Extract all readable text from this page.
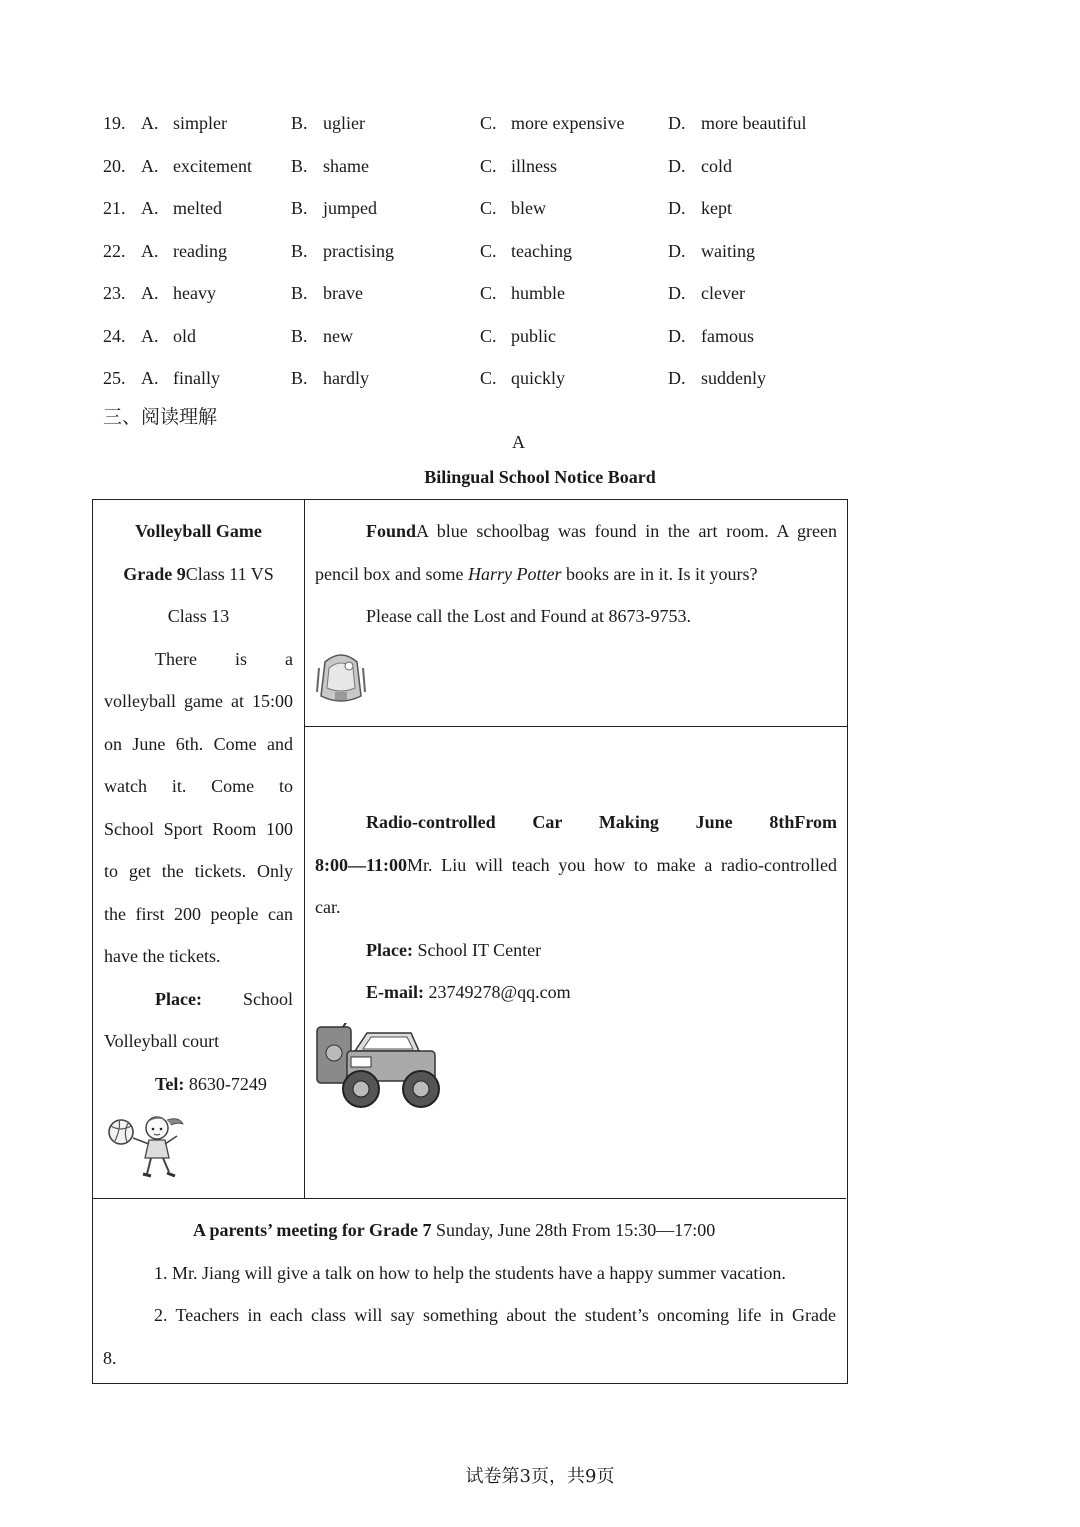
19. A. simpler	B. uglier	C. more expensive D. more beautiful
20. A. excitement B. shame	C. illness	D. cold
21. A. melted	B. jumped	C. blew	D. kept
22. A. reading	B. practising	C. teaching	D. waiting
23. A. heavy	B. brave	C. humble	D. clever
24. A. old	B. new	C. public	D. famous
25. A. finally	B. hardly	C. quickly	D. suddenly
三、阅读理解
A
Bilingual School Notice Board

Volleyball Game

Grade 9Class 11 VS

Class 13

There is a

volleyball game at 15:00

on June 6th. Come and

watch it. Come to

School Sport Room 100

to get the tickets. Only

the first 200 people can

have the tickets.

Place: School

Volleyball court

Tel: 8630-7249

FoundA blue schoolbag was found in the art room. A green

pencil box and some Harry Potter books are in it. Is it yours?

Please call the Lost and Found at 8673-9753.

Radio-controlled Car Making June 8thFrom

8:00—11:00Mr. Liu will teach you how to make a radio-controlled

car.

Place: School IT Center

E-mail: 23749278@qq.com

A parents’ meeting for Grade 7 Sunday, June 28th From 15:30—17:00

1. Mr. Jiang will give a talk on how to help the students have a happy summer vacation.

2. Teachers in each class will say something about the student’s oncoming life in Grade

8.

试卷第3页，共9页
